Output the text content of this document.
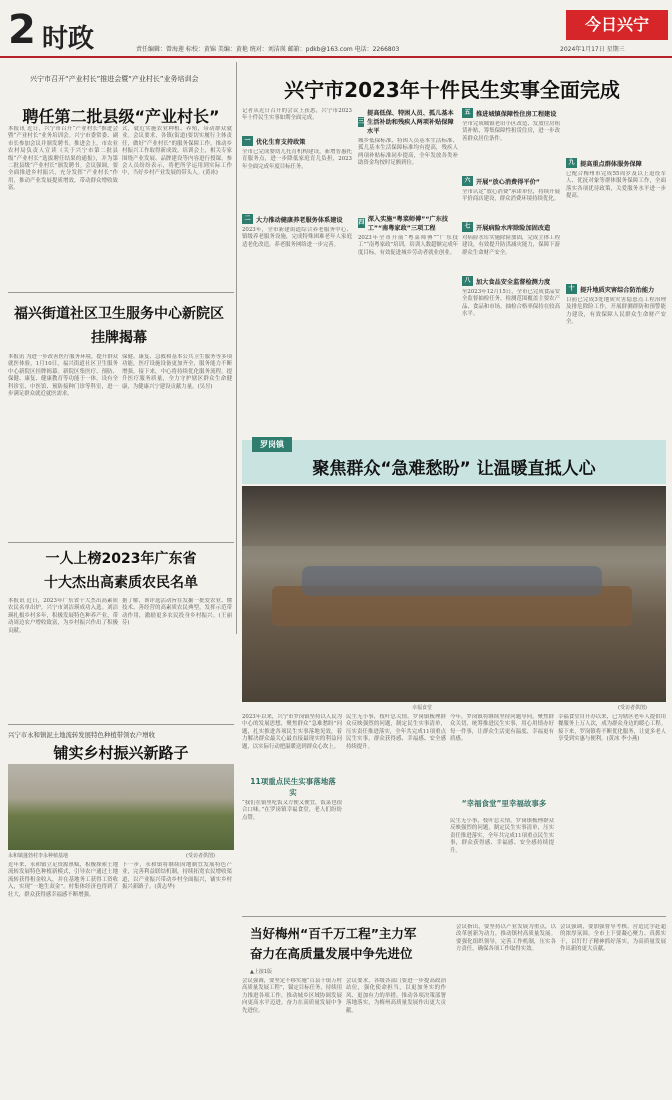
2 时政	责任编辑：曾海莲 标校：黄锦 美编：黄艳 统对：刘洁瑛 邮箱：pdkb@163.com 电话：2266803
今日兴宁
2024年1月17日 星期三
兴宁市召开“产业村长”推进会暨“产业村长”业务培训会
聘任第二批县级“产业村长”
本报讯 近日，兴宁市召开“产业村长”推进会暨“产业村长”业务培训会。兴宁市委常委、副市长参加会议并颁发聘书。推进会上，市农业农村局负责人宣读《关于兴宁市第二批县级“产业村长”选拔聘任结果的通报》，并为第二批县级“产业村长”颁发聘书。会议强调，要全面推进乡村振兴，充分发挥“产业村长”作用，推动产业发展提质增效，带动群众增收致富。
式，就近实施农业种植、养殖，带动群众就业。会议要求，各镇(街道)要切实履行主体责任，做好“产业村长”的服务保障工作，推动乡村振兴工作取得新成效。培训会上，相关专家围绕产业发展、品牌建设等内容进行授课。参会人员纷纷表示，将把所学运用到实际工作中，当好乡村产业发展的带头人。(黄冰)
福兴街道社区卫生服务中心新院区挂牌揭幕
本报讯 为进一步改善医疗服务环境，提升群众就医体验，1月10日，福兴街道社区卫生服务中心新院区挂牌揭幕。新院区集医疗、预防、保健、康复、健康教育等功能于一体，设有全科诊室、中医馆、预防接种门诊等科室，进一步满足群众就近就医需求。
保健、康复、急救和基本公共卫生服务等多项功能，医疗设施设备更加齐全，服务能力不断增强。接下来，中心将持续优化服务流程，提升医疗服务质量，全力守护辖区群众生命健康，为健康兴宁建设贡献力量。(吴昱)
一人上榜2023年广东省
十大杰出高素质农民名单
本报讯 近日，2023年广东省十大杰出高素质农民名单出炉，兴宁市刘洁瑛成功入选。刘洁瑛扎根乡村多年，积极发展特色种养产业，带动周边农户增收致富，为乡村振兴作出了积极贡献。
据了解，该评选活动旨在发掘一批爱农业、懂技术、善经营的高素质农民典型，发挥示范带动作用，激励更多农民投身乡村振兴。(王丽芬)
兴宁市永和镇泥土地流转发展特色种植带领农户增收
铺实乡村振兴新路子
永和镇蓬勃村李永种植基地	(受访者供图)
近年来，永和镇立足资源禀赋，积极探索土地流转发展特色种植新模式，引导农户通过土地流转获得租金收入，并在基地务工获得工资收入，实现“一地生双金”。村集体经济也得到了壮大，群众获得感幸福感不断增强。
下一步，永和镇将继续因地制宜发展特色产业，完善利益联结机制，持续拓宽农民增收渠道，以产业振兴带动乡村全面振兴，铺实乡村振兴新路子。(黄志华)
兴宁市2023年十件民生实事全面完成
记者从近日召开的会议上获悉，兴宁市2023年十件民生实事如期全面完成。
一 优化生育支持政策
全市已完成婴幼儿托育机构建设，新增普惠托育服务点，进一步降低家庭育儿负担，2023年全面完成年度目标任务。
二 大力推动健康养老服务体系建设
2023年，全市新建街道综合养老服务中心、镇级养老服务设施，完成特殊困难老年人家庭适老化改造，养老服务网络进一步完善。
三
提高低保、特困人员、孤儿基本生活补助和残疾人两项补贴保障水平
城乡低保标准、特困人员基本生活标准、孤儿基本生活保障标准均有提高，残疾人两项补贴标准同步提高，全年发放各类补助资金均按时足额到位。
四 深入实施“粤菜师傅”“广东技工”“南粤家政”三项工程
2023年全市开展“粤菜师傅”“广东技工”“南粤家政”培训，培训人数超额完成年度目标，有效促进城乡劳动者就业创业。
五 推进城镇保障性住房工程建设
全市完成城镇老旧小区改造、发放住房租赁补贴，筹集保障性租赁住房，进一步改善群众居住条件。
六 开展“放心消费得平价”
全市认定“放心消费”承诺单位，持续开展平价商店建设，群众消费环境持续优化。
七 开展病险水库除险加固改造
对病险水库实施除险加固，完成主体工程建设，有效提升防洪减灾能力，保障下游群众生命财产安全。
八 加大食品安全监督检测力度
至2023年12月15日，全市已完成食品安全监督抽检任务，检测范围覆盖主要农产品、食品和市场，抽检合格率保持在较高水平。
九 提高重点群体服务保障
已配合梅州市完成55周岁及以上退役军人、优抚对象等群体服务保障工作，全面落实各项优待政策，关爱服务水平进一步提高。
十 提升地质灾害综合防治能力
目前已完成3处地质灾害隐患点工程治理及排危除险工作，开展群测群防和预警能力建设，有效保障人民群众生命财产安全。
罗岗镇
聚焦群众“急难愁盼” 让温暖直抵人心
幸福食堂	(受访者供图)
2023年以来，兴宁市罗岗镇坚持以人民为中心的发展思想，聚焦群众“急难愁盼”问题，扎实推进各项民生实事落地见效，着力解决群众最关心最直接最现实的利益问题，以实际行动把温暖送到群众心坎上。
11项重点民生实事落地落实
“我们在镇里吃饭又方便又便宜，饭菜也很合口味。”在罗岗镇幸福食堂，老人们纷纷点赞。
民生无小事，枝叶总关情。罗岗镇梳理群众反映强烈的问题，制定民生实事清单，压实责任推进落实，全年共完成11项重点民生实事，群众获得感、幸福感、安全感持续提升。
今年，罗岗镇将继续坚持问题导向，聚焦群众关切，统筹推进民生实事，用心用情办好每一件事，让群众生活更有温度、幸福更有质感。
“幸福食堂”里幸福故事多
民生无小事，枝叶总关情。罗岗镇梳理群众反映强烈的问题，制定民生实事清单，压实责任推进落实，全年共完成11项重点民生实事，群众获得感、幸福感、安全感持续提升。
幸福食堂自开办以来，已为辖区老年人提供用餐服务上万人次，成为群众身边的暖心工程。接下来，罗岗镇将不断优化服务，让更多老人享受到实惠与便利。(黄冰 李小燕)
当好梅州“百千万工程”主力军
奋力在高质量发展中争先进位
▲上接1版
会议强调，要坚定不移实施“百县千镇万村高质量发展工程”，锚定目标任务，持续用力推进各项工作，推动城乡区域协调发展向更高水平迈进，奋力在高质量发展中争先进位。
会议要求，各级各部门要进一步提高政治站位，强化使命担当，以更加务实的作风、更加有力的举措，推动各项决策部署落地落实，为梅州高质量发展作出更大贡献。
会议指出，要坚持以产业发展为重点，以改革创新为动力，推动镇村高质量发展。要强化组织领导，完善工作机制，压实各方责任，确保各项工作取得实效。
会议强调，要加强督导考核，营造比学赶超的浓厚氛围。全市上下要凝心聚力、真抓实干，以钉钉子精神抓好落实，为高质量发展作出新的更大贡献。
